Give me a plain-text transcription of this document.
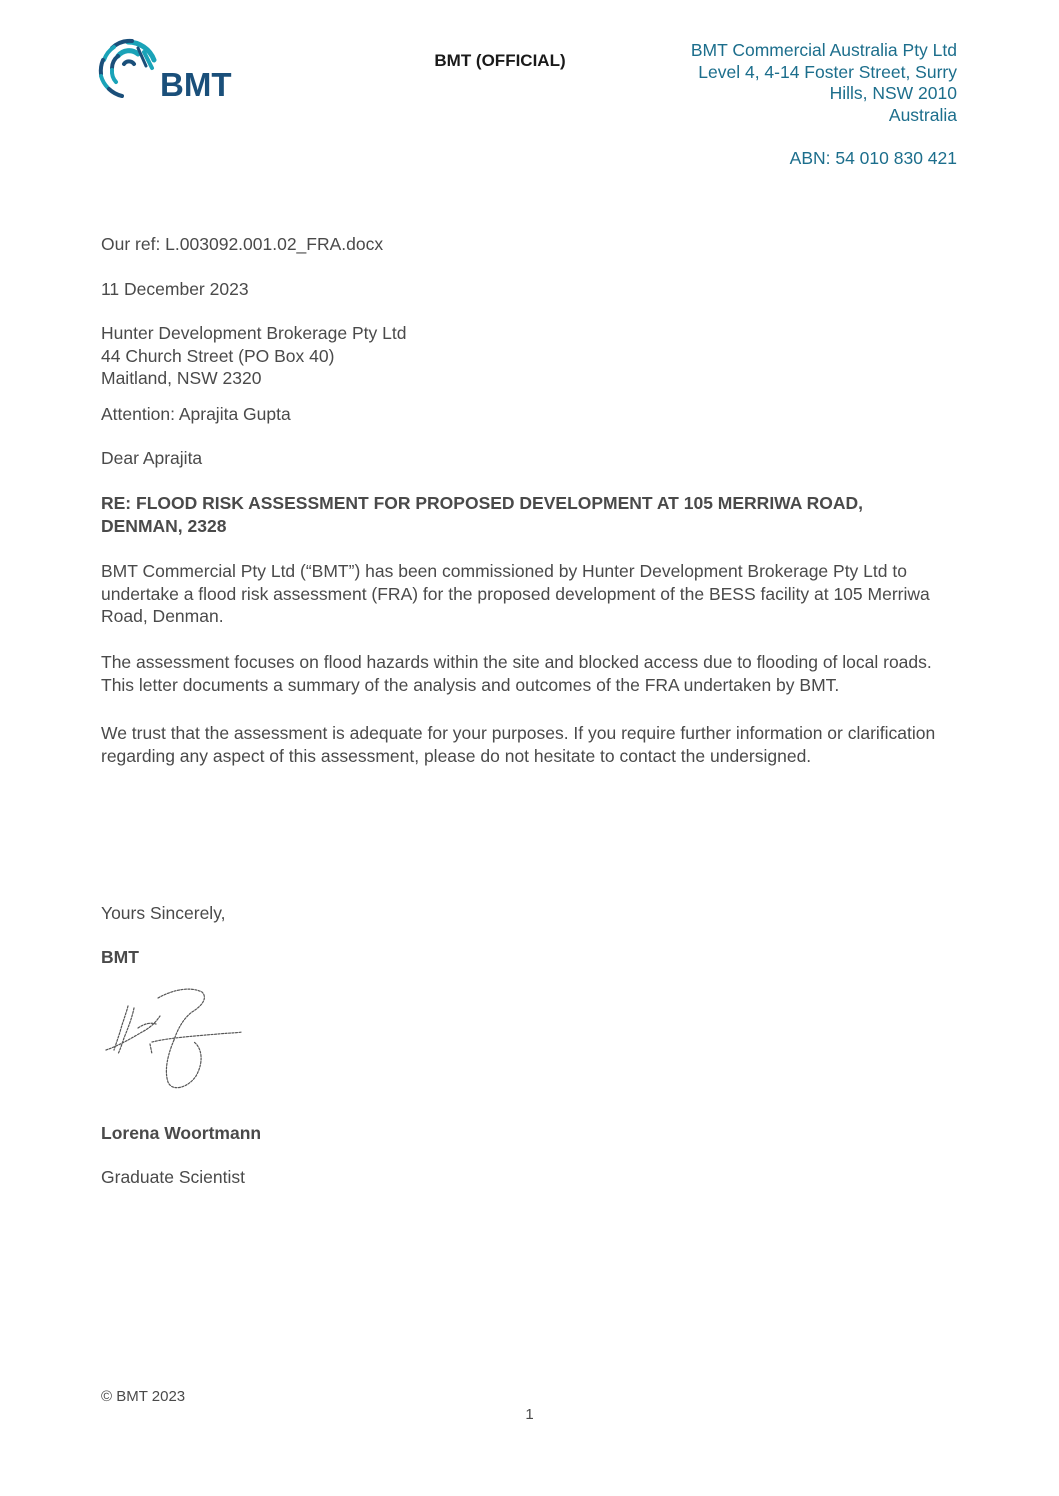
BMT
BMT (OFFICIAL)
BMT Commercial Australia Pty Ltd
Level 4, 4-14 Foster Street, Surry
Hills, NSW 2010
Australia
ABN: 54 010 830 421
Our ref: L.003092.001.02_FRA.docx
11 December 2023
Hunter Development Brokerage Pty Ltd
44 Church Street (PO Box 40)
Maitland, NSW 2320
Attention: Aprajita Gupta
Dear Aprajita
RE: FLOOD RISK ASSESSMENT FOR PROPOSED DEVELOPMENT AT 105 MERRIWA ROAD,
DENMAN, 2328
BMT Commercial Pty Ltd (“BMT”) has been commissioned by Hunter Development Brokerage Pty Ltd to undertake a flood risk assessment (FRA) for the proposed development of the BESS facility at 105 Merriwa Road, Denman.
The assessment focuses on flood hazards within the site and blocked access due to flooding of local roads. This letter documents a summary of the analysis and outcomes of the FRA undertaken by BMT.
We trust that the assessment is adequate for your purposes. If you require further information or clarification regarding any aspect of this assessment, please do not hesitate to contact the undersigned.
Yours Sincerely,
BMT
Lorena Woortmann
Graduate Scientist
© BMT 2023
1
